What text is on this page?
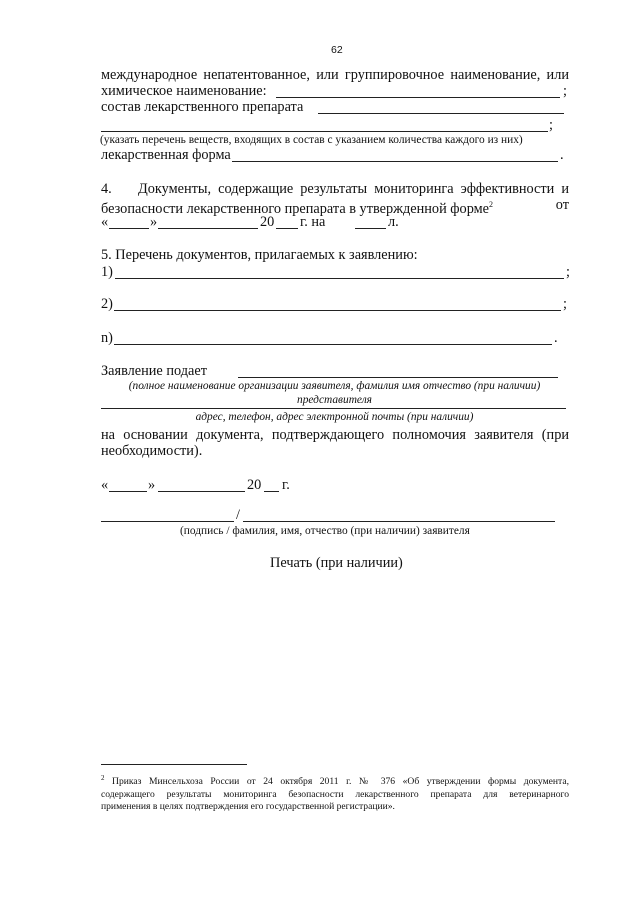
62
международное непатентованное, или группировочное наименование, или
химическое наименование:	;
состав лекарственного препарата
;
(указать перечень веществ, входящих в состав с указанием количества каждого из них)
лекарственная форма	.
4. Документы, содержащие результаты мониторинга эффективности и
безопасности лекарственного препарата в утвержденной форме$^2$	от
«	»	20 г. на	л.
5. Перечень документов, прилагаемых к заявлению:
1)	;
2)	;
n)	.
Заявление подает
(полное наименование организации заявителя, фамилия имя отчество (при наличии)
представителя
адрес, телефон, адрес электронной почты (при наличии)
на основании документа, подтверждающего полномочия заявителя (при
необходимости).
«	»	20 г.
/
(подпись / фамилия, имя, отчество (при наличии) заявителя
Печать (при наличии)
$^2$ Приказ Минсельхоза России от 24 октября 2011 г. № 376 «Об утверждении формы документа,
содержащего результаты мониторинга безопасности лекарственного препарата для ветеринарного
применения в целях подтверждения его государственной регистрации».
